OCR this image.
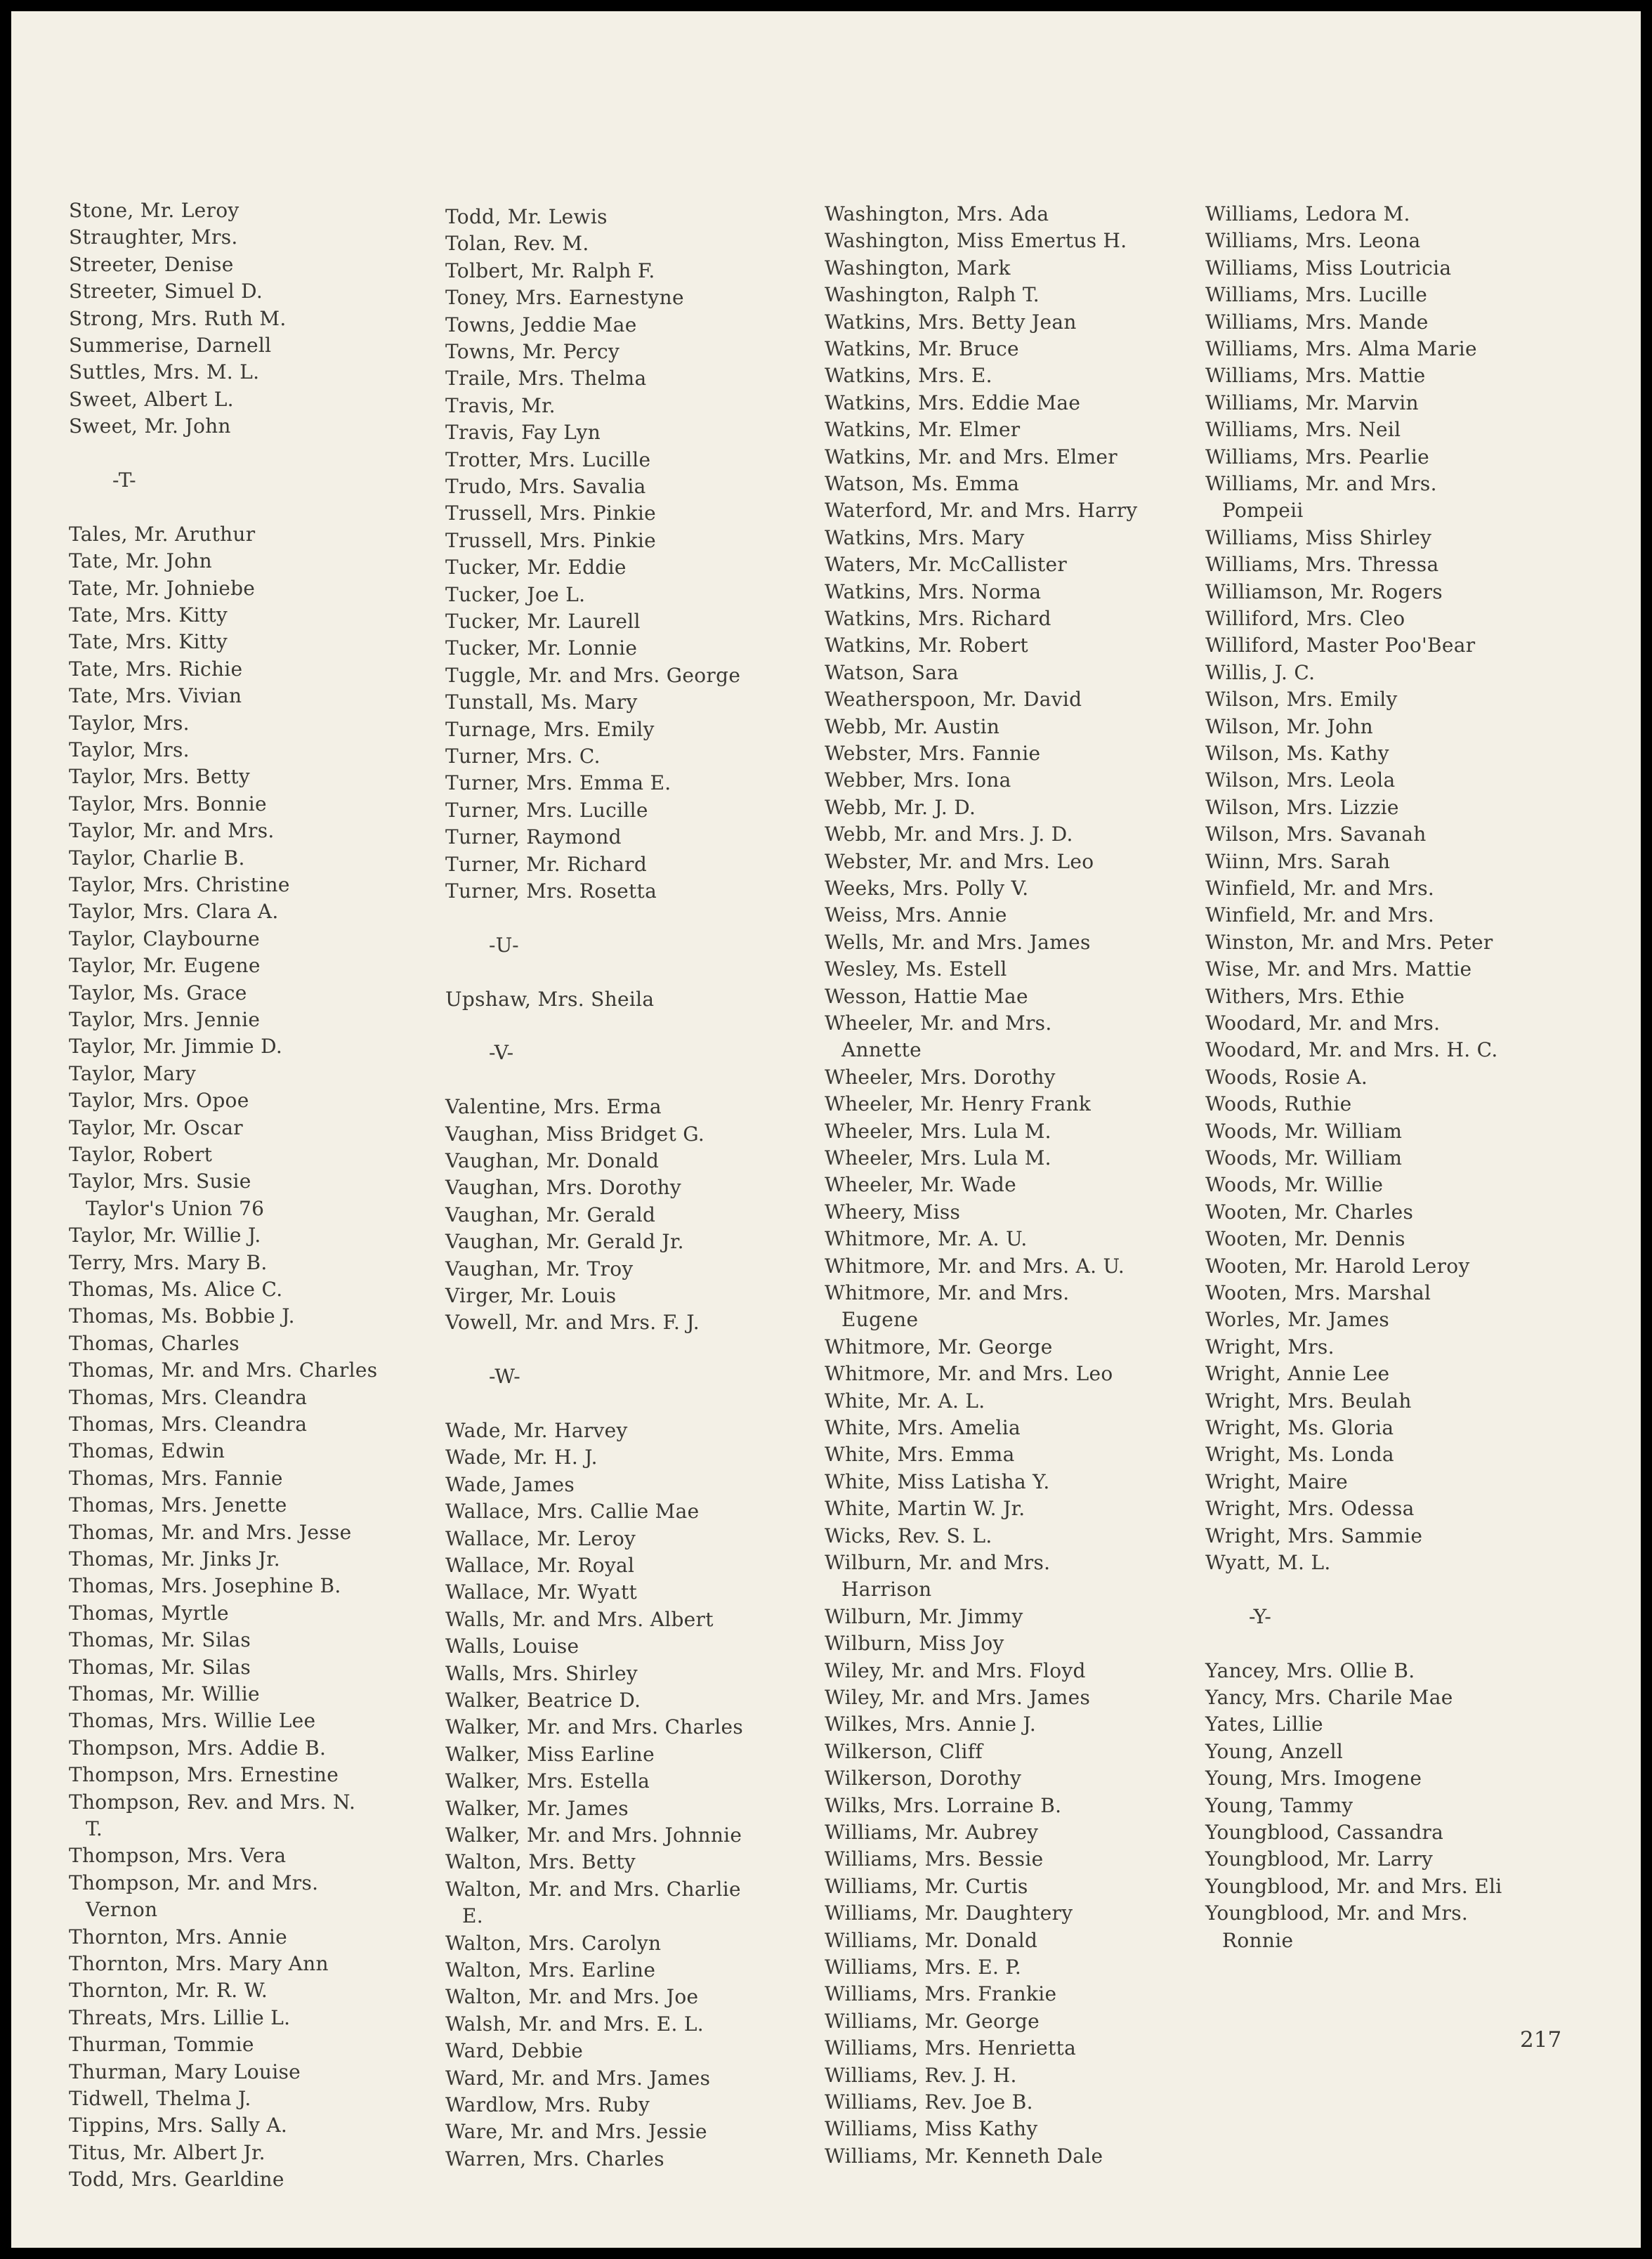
Stone, Mr. Leroy
Straughter, Mrs.
Streeter, Denise
Streeter, Simuel D.
Strong, Mrs. Ruth M.
Summerise, Darnell
Suttles, Mrs. M. L.
Sweet, Albert L.
Sweet, Mr. John
-T-
Tales, Mr. Aruthur
Tate, Mr. John
Tate, Mr. Johniebe
Tate, Mrs. Kitty
Tate, Mrs. Kitty
Tate, Mrs. Richie
Tate, Mrs. Vivian
Taylor, Mrs.
Taylor, Mrs.
Taylor, Mrs. Betty
Taylor, Mrs. Bonnie
Taylor, Mr. and Mrs.
Taylor, Charlie B.
Taylor, Mrs. Christine
Taylor, Mrs. Clara A.
Taylor, Claybourne
Taylor, Mr. Eugene
Taylor, Ms. Grace
Taylor, Mrs. Jennie
Taylor, Mr. Jimmie D.
Taylor, Mary
Taylor, Mrs. Opoe
Taylor, Mr. Oscar
Taylor, Robert
Taylor, Mrs. Susie
Taylor's Union 76
Taylor, Mr. Willie J.
Terry, Mrs. Mary B.
Thomas, Ms. Alice C.
Thomas, Ms. Bobbie J.
Thomas, Charles
Thomas, Mr. and Mrs. Charles
Thomas, Mrs. Cleandra
Thomas, Mrs. Cleandra
Thomas, Edwin
Thomas, Mrs. Fannie
Thomas, Mrs. Jenette
Thomas, Mr. and Mrs. Jesse
Thomas, Mr. Jinks Jr.
Thomas, Mrs. Josephine B.
Thomas, Myrtle
Thomas, Mr. Silas
Thomas, Mr. Silas
Thomas, Mr. Willie
Thomas, Mrs. Willie Lee
Thompson, Mrs. Addie B.
Thompson, Mrs. Ernestine
Thompson, Rev. and Mrs. N.
T.
Thompson, Mrs. Vera
Thompson, Mr. and Mrs.
Vernon
Thornton, Mrs. Annie
Thornton, Mrs. Mary Ann
Thornton, Mr. R. W.
Threats, Mrs. Lillie L.
Thurman, Tommie
Thurman, Mary Louise
Tidwell, Thelma J.
Tippins, Mrs. Sally A.
Titus, Mr. Albert Jr.
Todd, Mrs. Gearldine
Todd, Mr. Lewis
Tolan, Rev. M.
Tolbert, Mr. Ralph F.
Toney, Mrs. Earnestyne
Towns, Jeddie Mae
Towns, Mr. Percy
Traile, Mrs. Thelma
Travis, Mr.
Travis, Fay Lyn
Trotter, Mrs. Lucille
Trudo, Mrs. Savalia
Trussell, Mrs. Pinkie
Trussell, Mrs. Pinkie
Tucker, Mr. Eddie
Tucker, Joe L.
Tucker, Mr. Laurell
Tucker, Mr. Lonnie
Tuggle, Mr. and Mrs. George
Tunstall, Ms. Mary
Turnage, Mrs. Emily
Turner, Mrs. C.
Turner, Mrs. Emma E.
Turner, Mrs. Lucille
Turner, Raymond
Turner, Mr. Richard
Turner, Mrs. Rosetta
-U-
Upshaw, Mrs. Sheila
-V-
Valentine, Mrs. Erma
Vaughan, Miss Bridget G.
Vaughan, Mr. Donald
Vaughan, Mrs. Dorothy
Vaughan, Mr. Gerald
Vaughan, Mr. Gerald Jr.
Vaughan, Mr. Troy
Virger, Mr. Louis
Vowell, Mr. and Mrs. F. J.
-W-
Wade, Mr. Harvey
Wade, Mr. H. J.
Wade, James
Wallace, Mrs. Callie Mae
Wallace, Mr. Leroy
Wallace, Mr. Royal
Wallace, Mr. Wyatt
Walls, Mr. and Mrs. Albert
Walls, Louise
Walls, Mrs. Shirley
Walker, Beatrice D.
Walker, Mr. and Mrs. Charles
Walker, Miss Earline
Walker, Mrs. Estella
Walker, Mr. James
Walker, Mr. and Mrs. Johnnie
Walton, Mrs. Betty
Walton, Mr. and Mrs. Charlie
E.
Walton, Mrs. Carolyn
Walton, Mrs. Earline
Walton, Mr. and Mrs. Joe
Walsh, Mr. and Mrs. E. L.
Ward, Debbie
Ward, Mr. and Mrs. James
Wardlow, Mrs. Ruby
Ware, Mr. and Mrs. Jessie
Warren, Mrs. Charles
Washington, Mrs. Ada
Washington, Miss Emertus H.
Washington, Mark
Washington, Ralph T.
Watkins, Mrs. Betty Jean
Watkins, Mr. Bruce
Watkins, Mrs. E.
Watkins, Mrs. Eddie Mae
Watkins, Mr. Elmer
Watkins, Mr. and Mrs. Elmer
Watson, Ms. Emma
Waterford, Mr. and Mrs. Harry
Watkins, Mrs. Mary
Waters, Mr. McCallister
Watkins, Mrs. Norma
Watkins, Mrs. Richard
Watkins, Mr. Robert
Watson, Sara
Weatherspoon, Mr. David
Webb, Mr. Austin
Webster, Mrs. Fannie
Webber, Mrs. Iona
Webb, Mr. J. D.
Webb, Mr. and Mrs. J. D.
Webster, Mr. and Mrs. Leo
Weeks, Mrs. Polly V.
Weiss, Mrs. Annie
Wells, Mr. and Mrs. James
Wesley, Ms. Estell
Wesson, Hattie Mae
Wheeler, Mr. and Mrs.
Annette
Wheeler, Mrs. Dorothy
Wheeler, Mr. Henry Frank
Wheeler, Mrs. Lula M.
Wheeler, Mrs. Lula M.
Wheeler, Mr. Wade
Wheery, Miss
Whitmore, Mr. A. U.
Whitmore, Mr. and Mrs. A. U.
Whitmore, Mr. and Mrs.
Eugene
Whitmore, Mr. George
Whitmore, Mr. and Mrs. Leo
White, Mr. A. L.
White, Mrs. Amelia
White, Mrs. Emma
White, Miss Latisha Y.
White, Martin W. Jr.
Wicks, Rev. S. L.
Wilburn, Mr. and Mrs.
Harrison
Wilburn, Mr. Jimmy
Wilburn, Miss Joy
Wiley, Mr. and Mrs. Floyd
Wiley, Mr. and Mrs. James
Wilkes, Mrs. Annie J.
Wilkerson, Cliff
Wilkerson, Dorothy
Wilks, Mrs. Lorraine B.
Williams, Mr. Aubrey
Williams, Mrs. Bessie
Williams, Mr. Curtis
Williams, Mr. Daughtery
Williams, Mr. Donald
Williams, Mrs. E. P.
Williams, Mrs. Frankie
Williams, Mr. George
Williams, Mrs. Henrietta
Williams, Rev. J. H.
Williams, Rev. Joe B.
Williams, Miss Kathy
Williams, Mr. Kenneth Dale
Williams, Ledora M.
Williams, Mrs. Leona
Williams, Miss Loutricia
Williams, Mrs. Lucille
Williams, Mrs. Mande
Williams, Mrs. Alma Marie
Williams, Mrs. Mattie
Williams, Mr. Marvin
Williams, Mrs. Neil
Williams, Mrs. Pearlie
Williams, Mr. and Mrs.
Pompeii
Williams, Miss Shirley
Williams, Mrs. Thressa
Williamson, Mr. Rogers
Williford, Mrs. Cleo
Williford, Master Poo'Bear
Willis, J. C.
Wilson, Mrs. Emily
Wilson, Mr. John
Wilson, Ms. Kathy
Wilson, Mrs. Leola
Wilson, Mrs. Lizzie
Wilson, Mrs. Savanah
Wiinn, Mrs. Sarah
Winfield, Mr. and Mrs.
Winfield, Mr. and Mrs.
Winston, Mr. and Mrs. Peter
Wise, Mr. and Mrs. Mattie
Withers, Mrs. Ethie
Woodard, Mr. and Mrs.
Woodard, Mr. and Mrs. H. C.
Woods, Rosie A.
Woods, Ruthie
Woods, Mr. William
Woods, Mr. William
Woods, Mr. Willie
Wooten, Mr. Charles
Wooten, Mr. Dennis
Wooten, Mr. Harold Leroy
Wooten, Mrs. Marshal
Worles, Mr. James
Wright, Mrs.
Wright, Annie Lee
Wright, Mrs. Beulah
Wright, Ms. Gloria
Wright, Ms. Londa
Wright, Maire
Wright, Mrs. Odessa
Wright, Mrs. Sammie
Wyatt, M. L.
-Y-
Yancey, Mrs. Ollie B.
Yancy, Mrs. Charile Mae
Yates, Lillie
Young, Anzell
Young, Mrs. Imogene
Young, Tammy
Youngblood, Cassandra
Youngblood, Mr. Larry
Youngblood, Mr. and Mrs. Eli
Youngblood, Mr. and Mrs.
Ronnie
217
